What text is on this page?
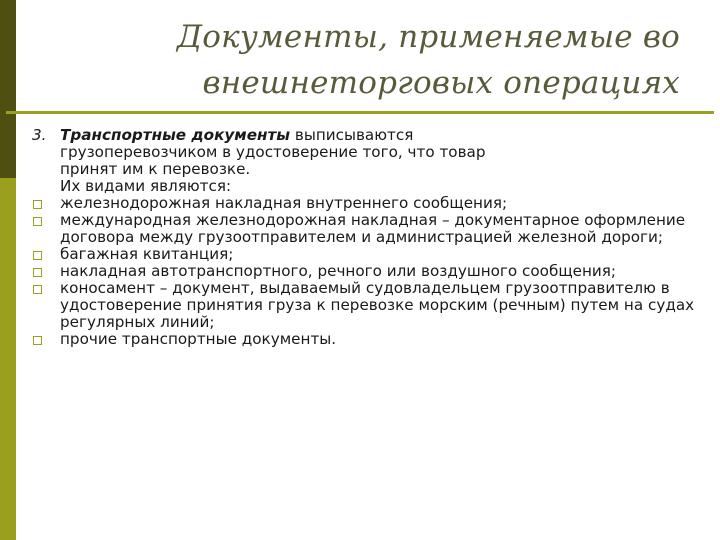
Документы, применяемые во
внешнеторговых операциях
3. Транспортные документы выписываются
грузоперевозчиком в удостоверение того, что товар
принят им к перевозке.
Их видами являются:
железнодорожная накладная внутреннего сообщения;
международная железнодорожная накладная – документарное оформление договора между грузоотправителем и администрацией железной дороги;
багажная квитанция;
накладная автотранспортного, речного или воздушного сообщения;
коносамент – документ, выдаваемый судовладельцем грузоотправителю в удостоверение принятия груза к перевозке морским (речным) путем на судах регулярных линий;
прочие транспортные документы.
